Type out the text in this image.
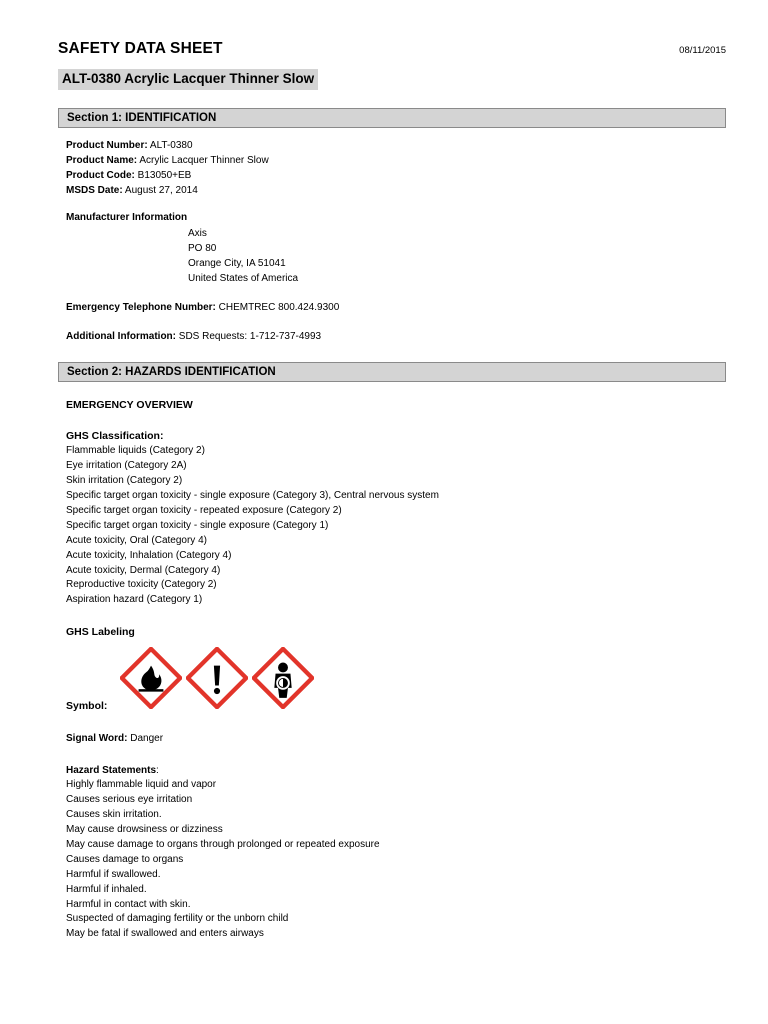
SAFETY DATA SHEET	08/11/2015
ALT-0380 Acrylic Lacquer Thinner Slow
Section 1: IDENTIFICATION
Product Number: ALT-0380
Product Name: Acrylic Lacquer Thinner Slow
Product Code: B13050+EB
MSDS Date: August 27, 2014
Manufacturer Information
Axis
PO 80
Orange City, IA 51041
United States of America
Emergency Telephone Number: CHEMTREC 800.424.9300
Additional Information: SDS Requests: 1-712-737-4993
Section 2: HAZARDS IDENTIFICATION
EMERGENCY OVERVIEW
GHS Classification:
Flammable liquids (Category 2)
Eye irritation (Category 2A)
Skin irritation (Category 2)
Specific target organ toxicity - single exposure (Category 3), Central nervous system
Specific target organ toxicity - repeated exposure (Category 2)
Specific target organ toxicity - single exposure (Category 1)
Acute toxicity, Oral (Category 4)
Acute toxicity, Inhalation (Category 4)
Acute toxicity, Dermal (Category 4)
Reproductive toxicity (Category 2)
Aspiration hazard (Category 1)
GHS Labeling
Symbol:
Signal Word: Danger
Hazard Statements:
Highly flammable liquid and vapor
Causes serious eye irritation
Causes skin irritation.
May cause drowsiness or dizziness
May cause damage to organs through prolonged or repeated exposure
Causes damage to organs
Harmful if swallowed.
Harmful if inhaled.
Harmful in contact with skin.
Suspected of damaging fertility or the unborn child
May be fatal if swallowed and enters airways
